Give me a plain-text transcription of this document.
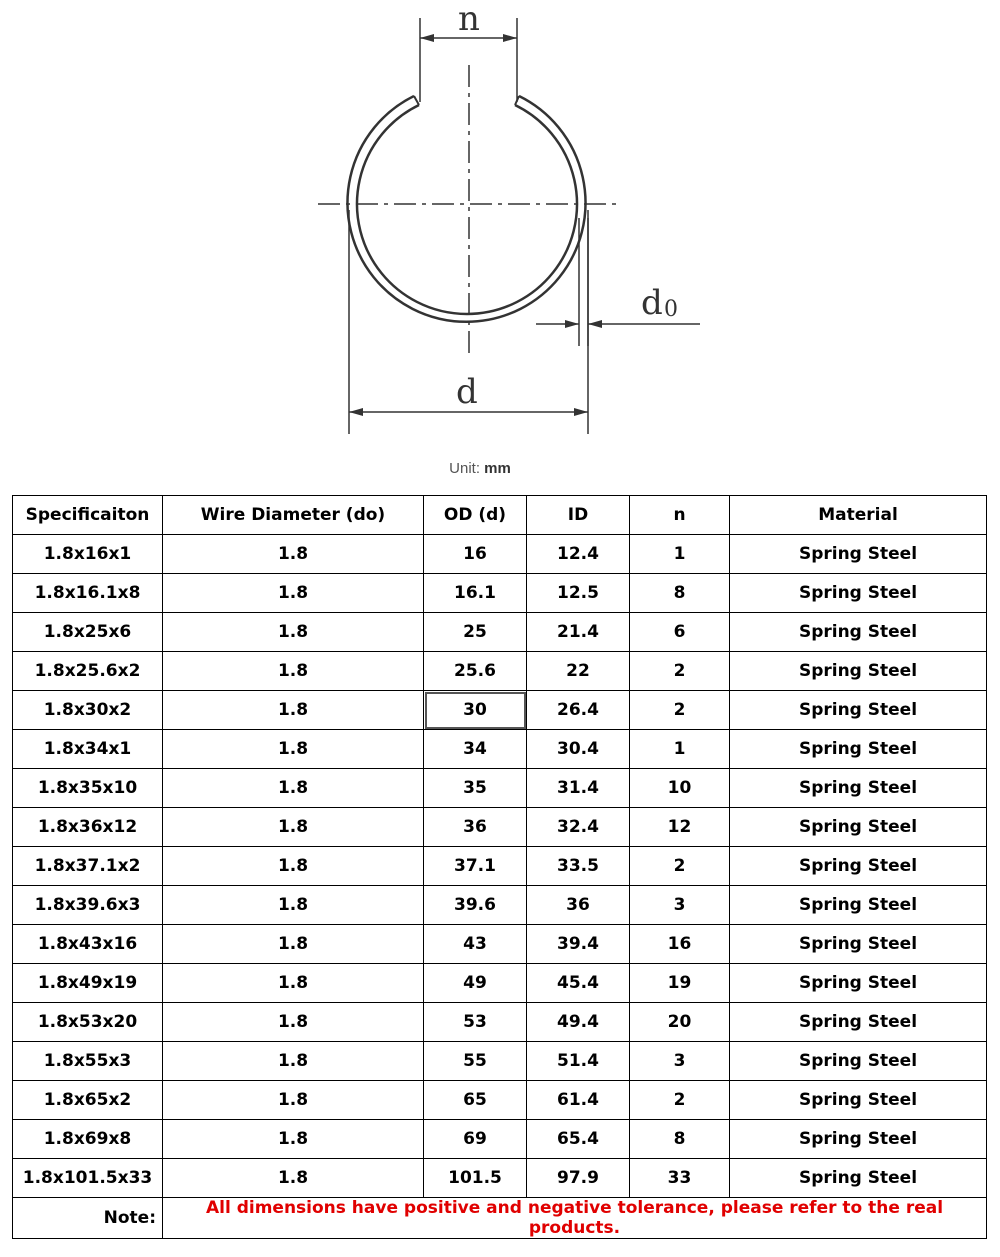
n
d
d 0
Unit: mm
Specificaiton	Wire Diameter (do)	OD (d)	ID	n	Material
1.8x16x1	1.8	16	12.4	1	Spring Steel
1.8x16.1x8	1.8	16.1	12.5	8	Spring Steel
1.8x25x6	1.8	25	21.4	6	Spring Steel
1.8x25.6x2	1.8	25.6	22	2	Spring Steel
1.8x30x2	1.8	30	26.4	2	Spring Steel
1.8x34x1	1.8	34	30.4	1	Spring Steel
1.8x35x10	1.8	35	31.4	10	Spring Steel
1.8x36x12	1.8	36	32.4	12	Spring Steel
1.8x37.1x2	1.8	37.1	33.5	2	Spring Steel
1.8x39.6x3	1.8	39.6	36	3	Spring Steel
1.8x43x16	1.8	43	39.4	16	Spring Steel
1.8x49x19	1.8	49	45.4	19	Spring Steel
1.8x53x20	1.8	53	49.4	20	Spring Steel
1.8x55x3	1.8	55	51.4	3	Spring Steel
1.8x65x2	1.8	65	61.4	2	Spring Steel
1.8x69x8	1.8	69	65.4	8	Spring Steel
1.8x101.5x33	1.8	101.5	97.9	33	Spring Steel
Note:	All dimensions have positive and negative tolerance, please refer to the real products.				
